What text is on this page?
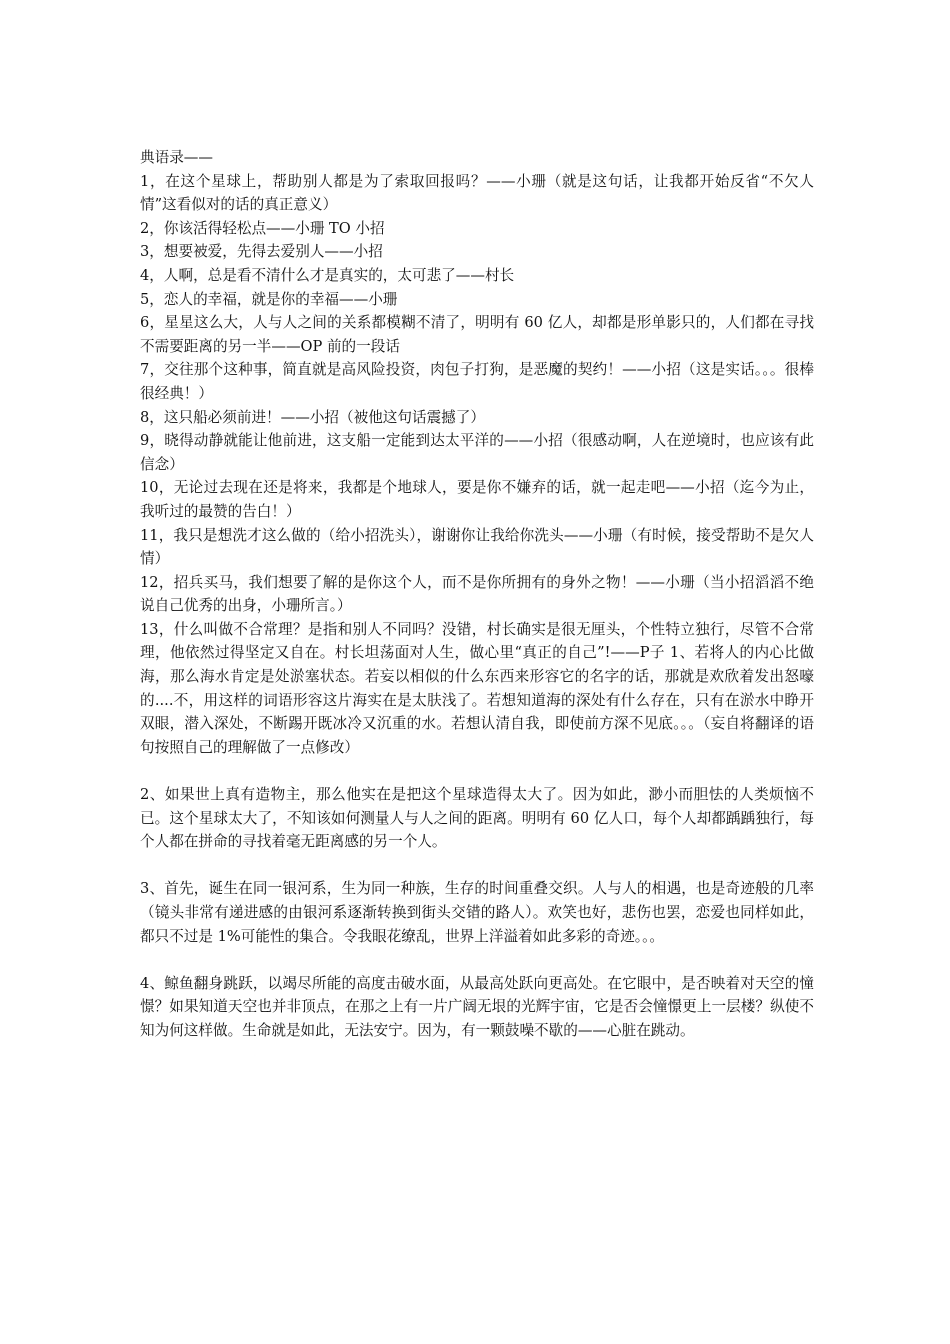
典语录——

1，在这个星球上，帮助别人都是为了索取回报吗？——小珊（就是这句话，让我都开始反省“不欠人情”这看似对的话的真正意义）

2，你该活得轻松点——小珊 TO 小招

3，想要被爱，先得去爱别人——小招

4，人啊，总是看不清什么才是真实的，太可悲了——村长

5，恋人的幸福，就是你的幸福——小珊

6，星星这么大，人与人之间的关系都模糊不清了，明明有 60 亿人，却都是形单影只的，人们都在寻找不需要距离的另一半——OP 前的一段话

7，交往那个这种事，简直就是高风险投资，肉包子打狗，是恶魔的契约！——小招（这是实话。。。很棒很经典！）

8，这只船必须前进！——小招（被他这句话震撼了）

9，晓得动静就能让他前进，这支船一定能到达太平洋的——小招（很感动啊，人在逆境时，也应该有此信念）

10，无论过去现在还是将来，我都是个地球人，要是你不嫌弃的话，就一起走吧——小招（迄今为止，我听过的最赞的告白！）

11，我只是想洗才这么做的（给小招洗头），谢谢你让我给你洗头——小珊（有时候，接受帮助不是欠人情）

12，招兵买马，我们想要了解的是你这个人，而不是你所拥有的身外之物！——小珊（当小招滔滔不绝说自己优秀的出身，小珊所言。）

13，什么叫做不合常理？是指和别人不同吗？没错，村长确实是很无厘头，个性特立独行，尽管不合常理，他依然过得坚定又自在。村长坦荡面对人生，做心里“真正的自己”!——P子 1、若将人的内心比做海，那么海水肯定是处淤塞状态。若妄以相似的什么东西来形容它的名字的话，那就是欢欣着发出怒嚎的....不，用这样的词语形容这片海实在是太肤浅了。若想知道海的深处有什么存在，只有在淤水中睁开双眼，潜入深处，不断踢开既冰冷又沉重的水。若想认清自我，即使前方深不见底。。。（妄自将翻译的语句按照自己的理解做了一点修改）

2、如果世上真有造物主，那么他实在是把这个星球造得太大了。因为如此，渺小而胆怯的人类烦恼不已。这个星球太大了，不知该如何测量人与人之间的距离。明明有 60 亿人口，每个人却都踽踽独行，每个人都在拼命的寻找着毫无距离感的另一个人。

3、首先，诞生在同一银河系，生为同一种族，生存的时间重叠交织。人与人的相遇，也是奇迹般的几率（镜头非常有递进感的由银河系逐渐转换到街头交错的路人）。欢笑也好，悲伤也罢，恋爱也同样如此，都只不过是 1%可能性的集合。令我眼花缭乱，世界上洋溢着如此多彩的奇迹。。。

4、鲸鱼翻身跳跃，以竭尽所能的高度击破水面，从最高处跃向更高处。在它眼中，是否映着对天空的憧憬？如果知道天空也并非顶点，在那之上有一片广阔无垠的光辉宇宙，它是否会憧憬更上一层楼？纵使不知为何这样做。生命就是如此，无法安宁。因为，有一颗鼓噪不歇的——心脏在跳动。
